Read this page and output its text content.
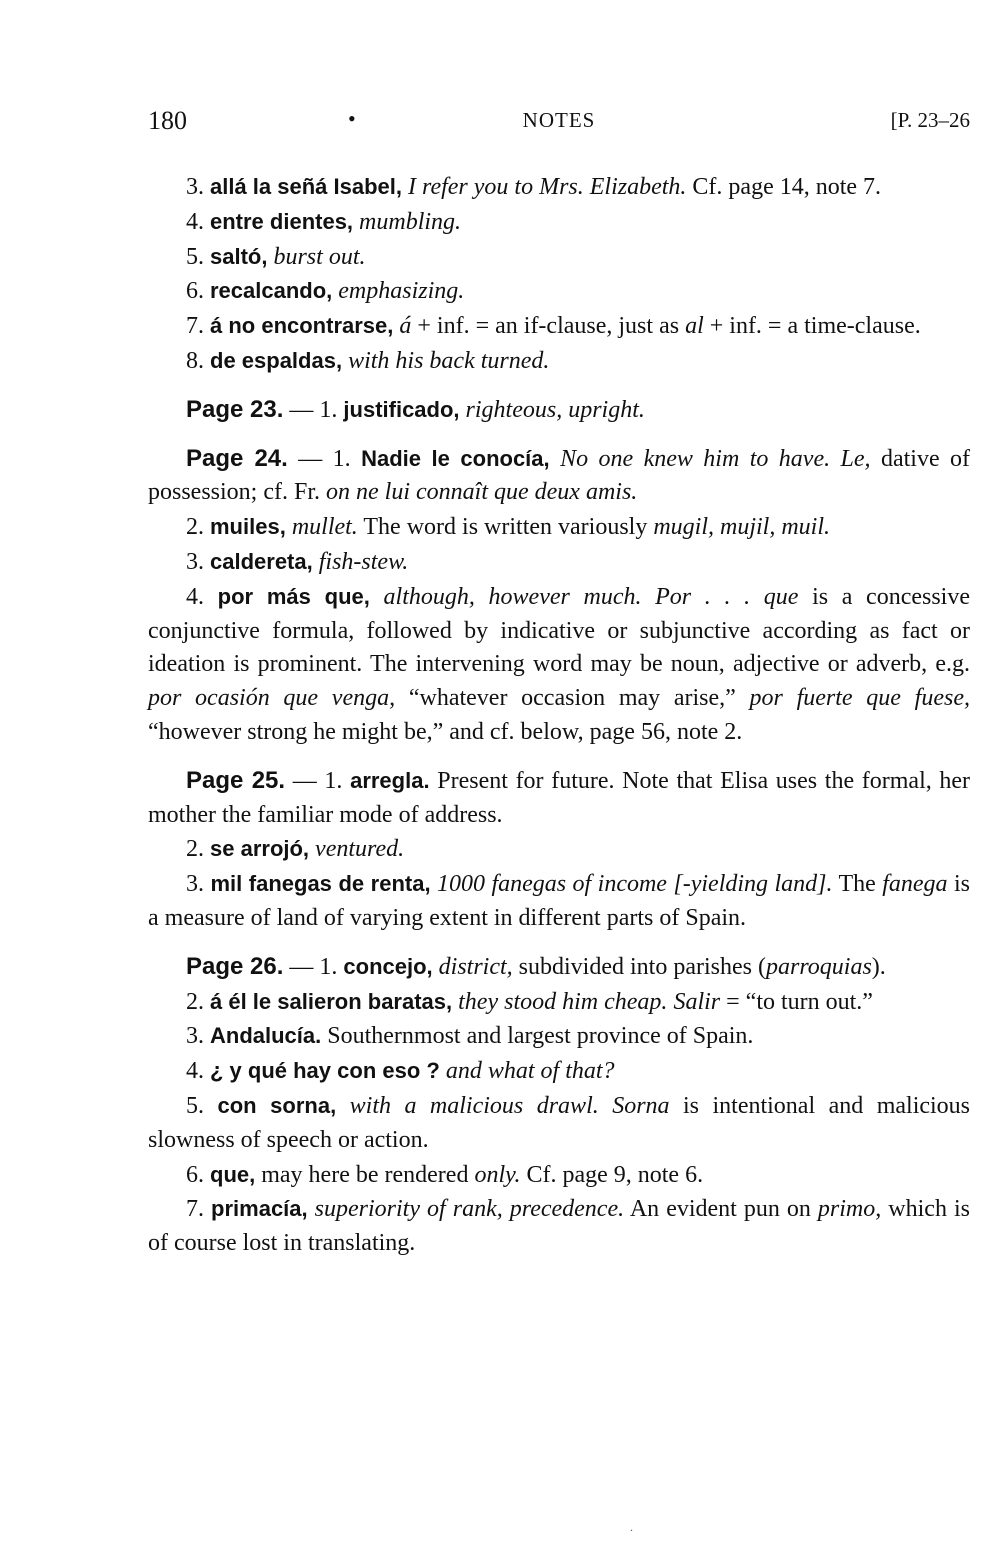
180	•	NOTES	[P. 23–26

3. allá la señá Isabel, I refer you to Mrs. Elizabeth. Cf. page 14, note 7.

4. entre dientes, mumbling.

5. saltó, burst out.

6. recalcando, emphasizing.

7. á no encontrarse, á + inf. = an if-clause, just as al + inf. = a time-clause.

8. de espaldas, with his back turned.

Page 23. — 1. justificado, righteous, upright.

Page 24. — 1. Nadie le conocía, No one knew him to have. Le, dative of possession; cf. Fr. on ne lui connaît que deux amis.

2. muiles, mullet. The word is written variously mugil, mujil, muil.

3. caldereta, fish-stew.

4. por más que, although, however much. Por . . . que is a concessive conjunctive formula, followed by indicative or subjunctive according as fact or ideation is prominent. The intervening word may be noun, adjective or adverb, e.g. por ocasión que venga, “whatever occasion may arise,” por fuerte que fuese, “however strong he might be,” and cf. below, page 56, note 2.

Page 25. — 1. arregla. Present for future. Note that Elisa uses the formal, her mother the familiar mode of address.

2. se arrojó, ventured.

3. mil fanegas de renta, 1000 fanegas of income [-yielding land]. The fanega is a measure of land of varying extent in different parts of Spain.

Page 26. — 1. concejo, district, subdivided into parishes (parroquias).

2. á él le salieron baratas, they stood him cheap. Salir = “to turn out.”

3. Andalucía. Southernmost and largest province of Spain.

4. ¿ y qué hay con eso ? and what of that?

5. con sorna, with a malicious drawl. Sorna is intentional and malicious slowness of speech or action.

6. que, may here be rendered only. Cf. page 9, note 6.

7. primacía, superiority of rank, precedence. An evident pun on primo, which is of course lost in translating.

.
